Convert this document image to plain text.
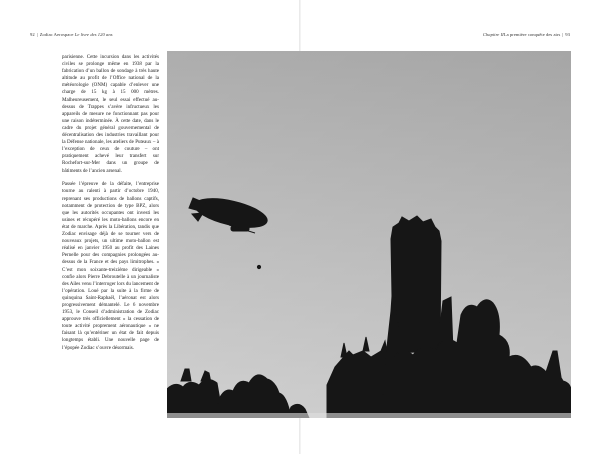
92 | Zodiac Aerospace Le livre des 120 ans	Chapitre IILa première conquête des airs | 93

parisienne. Cette incursion dans les activités civiles se prolonge même en 1938 par la fabrication d’un ballon de sondage à très haute altitude au profit de l’Office national de la météorologie (ONM) capable d’enlever une charge de 15 kg à 15 000 mètres. Malheureusement, le seul essai effectué au-dessus de Trappes s’avère infructueux les appareils de mesure ne fonctionnant pas pour une raison indéterminée. À cette date, dans le cadre du projet général gouvernemental de décentralisation des industries travaillant pour la Défense nationale, les ateliers de Puteaux – à l’exception de ceux de couture – ont pratiquement achevé leur transfert sur Rochefort-sur-Mer dans un groupe de bâtiments de l’ancien arsenal.

Passée l’épreuve de la défaite, l’entreprise tourne au ralenti à partir d’octobre 1940, reprenant ses productions de ballons captifs, notamment de protection de type BPZ, alors que les autorités occupantes ont investi les usines et récupéré les moto-ballons encore en état de marche. Après la Libération, tandis que Zodiac envisage déjà de se tourner vers de nouveaux projets, un ultime moto-ballon est réalisé en janvier 1950 au profit des Laines Pernelle pour des compagnies prolongées au-dessus de la France et des pays limitrophes. « C’est mon soixante-treizième dirigeable » confie alors Pierre Debroutelle à un journaliste des Ailes venu l’interroger lors du lancement de l’opération. Loué par la suite à la firme de quinquina Saint-Raphaël, l’aéronat est alors progressivement démantelé. Le 6 novembre 1953, le Conseil d’administration de Zodiac approuve très officiellement « la cessation de toute activité proprement aéronautique » ne faisant là qu’entériner un état de fait depuis longtemps établi. Une nouvelle page de l’épopée Zodiac s’ouvre désormais.
